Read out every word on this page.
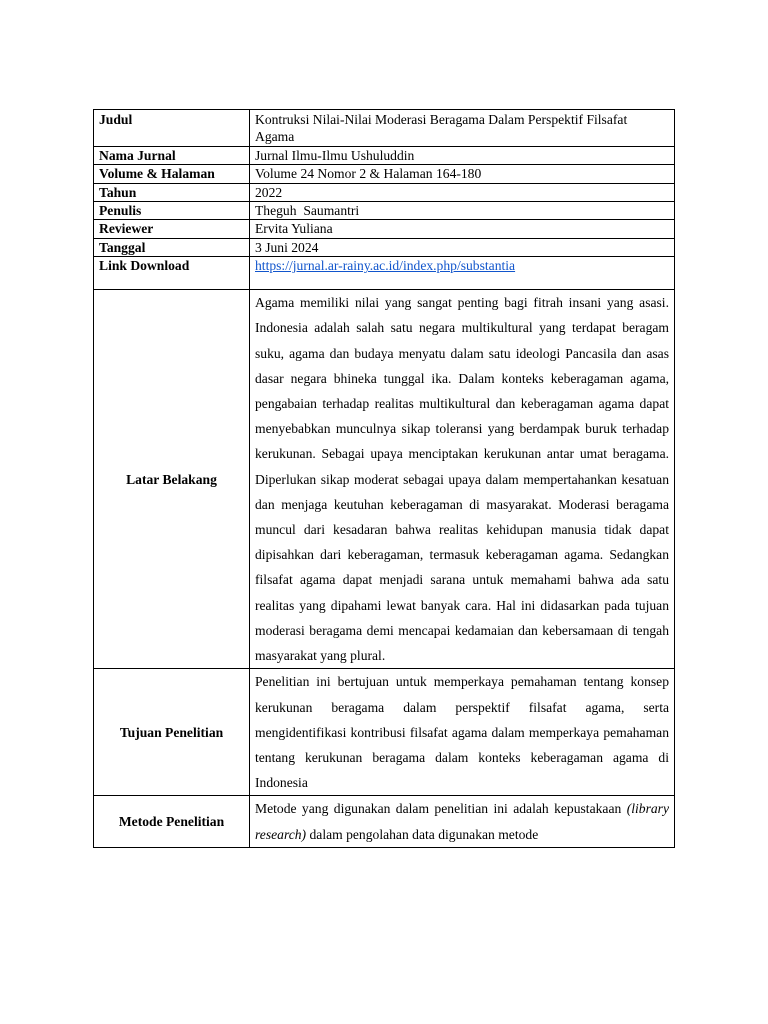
Judul	Kontruksi Nilai-Nilai Moderasi Beragama Dalam Perspektif Filsafat Agama
Nama Jurnal	Jurnal Ilmu-Ilmu Ushuluddin
Volume & Halaman	Volume 24 Nomor 2 & Halaman 164-180
Tahun	2022
Penulis	Theguh  Saumantri
Reviewer	Ervita Yuliana
Tanggal	3 Juni 2024
Link Download	https://jurnal.ar-rainy.ac.id/index.php/substantia
Latar Belakang	Agama memiliki nilai yang sangat penting bagi fitrah insani yang asasi. Indonesia adalah salah satu negara multikultural yang terdapat beragam suku, agama dan budaya menyatu dalam satu ideologi Pancasila dan asas dasar negara bhineka tunggal ika. Dalam konteks keberagaman agama, pengabaian terhadap realitas multikultural dan keberagaman agama dapat menyebabkan munculnya sikap toleransi yang berdampak buruk terhadap kerukunan. Sebagai upaya menciptakan kerukunan antar umat beragama. Diperlukan sikap moderat sebagai upaya dalam mempertahankan kesatuan dan menjaga keutuhan keberagaman di masyarakat. Moderasi beragama muncul dari kesadaran bahwa realitas kehidupan manusia tidak dapat dipisahkan dari keberagaman, termasuk keberagaman agama. Sedangkan filsafat agama dapat menjadi sarana untuk memahami bahwa ada satu realitas yang dipahami lewat banyak cara. Hal ini didasarkan pada tujuan moderasi beragama demi mencapai kedamaian dan kebersamaan di tengah masyarakat yang plural.
Tujuan Penelitian	Penelitian ini bertujuan untuk memperkaya pemahaman tentang konsep kerukunan beragama dalam perspektif filsafat agama, serta mengidentifikasi kontribusi filsafat agama dalam memperkaya pemahaman tentang kerukunan beragama dalam konteks keberagaman agama di Indonesia
Metode Penelitian	Metode yang digunakan dalam penelitian ini adalah kepustakaan (library research) dalam pengolahan data digunakan metode
